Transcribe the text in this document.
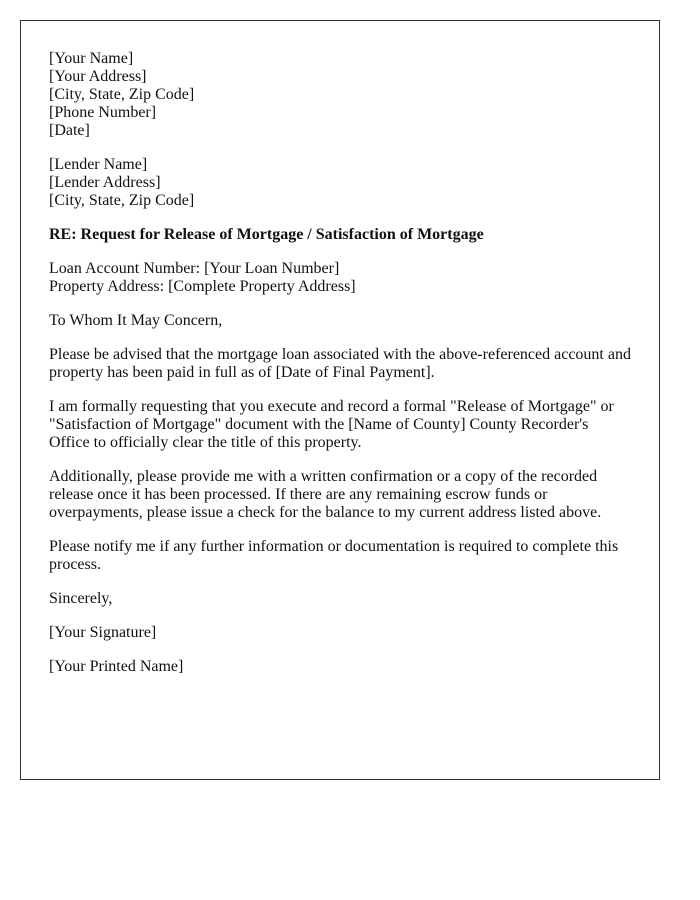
[Your Name]
[Your Address]
[City, State, Zip Code]
[Phone Number]
[Date]
[Lender Name]
[Lender Address]
[City, State, Zip Code]

RE: Request for Release of Mortgage / Satisfaction of Mortgage

Loan Account Number: [Your Loan Number]
Property Address: [Complete Property Address]

To Whom It May Concern,

Please be advised that the mortgage loan associated with the above-referenced account and property has been paid in full as of [Date of Final Payment].

I am formally requesting that you execute and record a formal "Release of Mortgage" or "Satisfaction of Mortgage" document with the [Name of County] County Recorder's Office to officially clear the title of this property.

Additionally, please provide me with a written confirmation or a copy of the recorded release once it has been processed. If there are any remaining escrow funds or overpayments, please issue a check for the balance to my current address listed above.

Please notify me if any further information or documentation is required to complete this process.

Sincerely,

[Your Signature]

[Your Printed Name]
